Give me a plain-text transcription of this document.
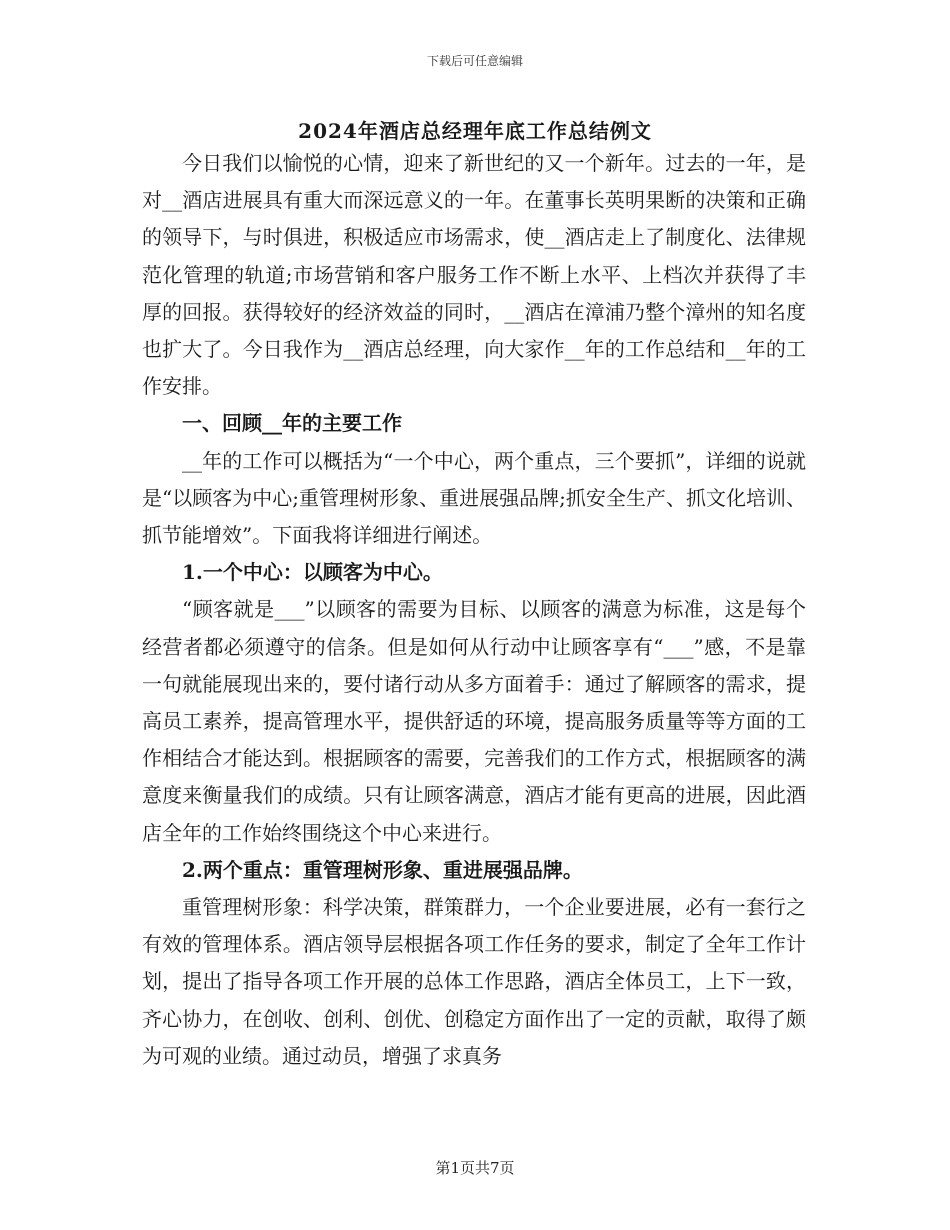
下载后可任意编辑
2024年酒店总经理年底工作总结例文

今日我们以愉悦的心情，迎来了新世纪的又一个新年。过去的一年，是对__酒店进展具有重大而深远意义的一年。在董事长英明果断的决策和正确的领导下，与时俱进，积极适应市场需求，使__酒店走上了制度化、法律规范化管理的轨道;市场营销和客户服务工作不断上水平、上档次并获得了丰厚的回报。获得较好的经济效益的同时，__酒店在漳浦乃整个漳州的知名度也扩大了。今日我作为__酒店总经理，向大家作__年的工作总结和__年的工作安排。

一、回顾__年的主要工作

__年的工作可以概括为“一个中心，两个重点，三个要抓”，详细的说就是“以顾客为中心;重管理树形象、重进展强品牌;抓安全生产、抓文化培训、抓节能增效”。下面我将详细进行阐述。

1.一个中心：以顾客为中心。

“顾客就是___”以顾客的需要为目标、以顾客的满意为标准，这是每个经营者都必须遵守的信条。但是如何从行动中让顾客享有“___”感，不是靠一句就能展现出来的，要付诸行动从多方面着手：通过了解顾客的需求，提高员工素养，提高管理水平，提供舒适的环境，提高服务质量等等方面的工作相结合才能达到。根据顾客的需要，完善我们的工作方式，根据顾客的满意度来衡量我们的成绩。只有让顾客满意，酒店才能有更高的进展，因此酒店全年的工作始终围绕这个中心来进行。

2.两个重点：重管理树形象、重进展强品牌。

重管理树形象：科学决策，群策群力，一个企业要进展，必有一套行之有效的管理体系。酒店领导层根据各项工作任务的要求，制定了全年工作计划，提出了指导各项工作开展的总体工作思路，酒店全体员工，上下一致，齐心协力，在创收、创利、创优、创稳定方面作出了一定的贡献，取得了颇为可观的业绩。通过动员，增强了求真务

第1页共7页
